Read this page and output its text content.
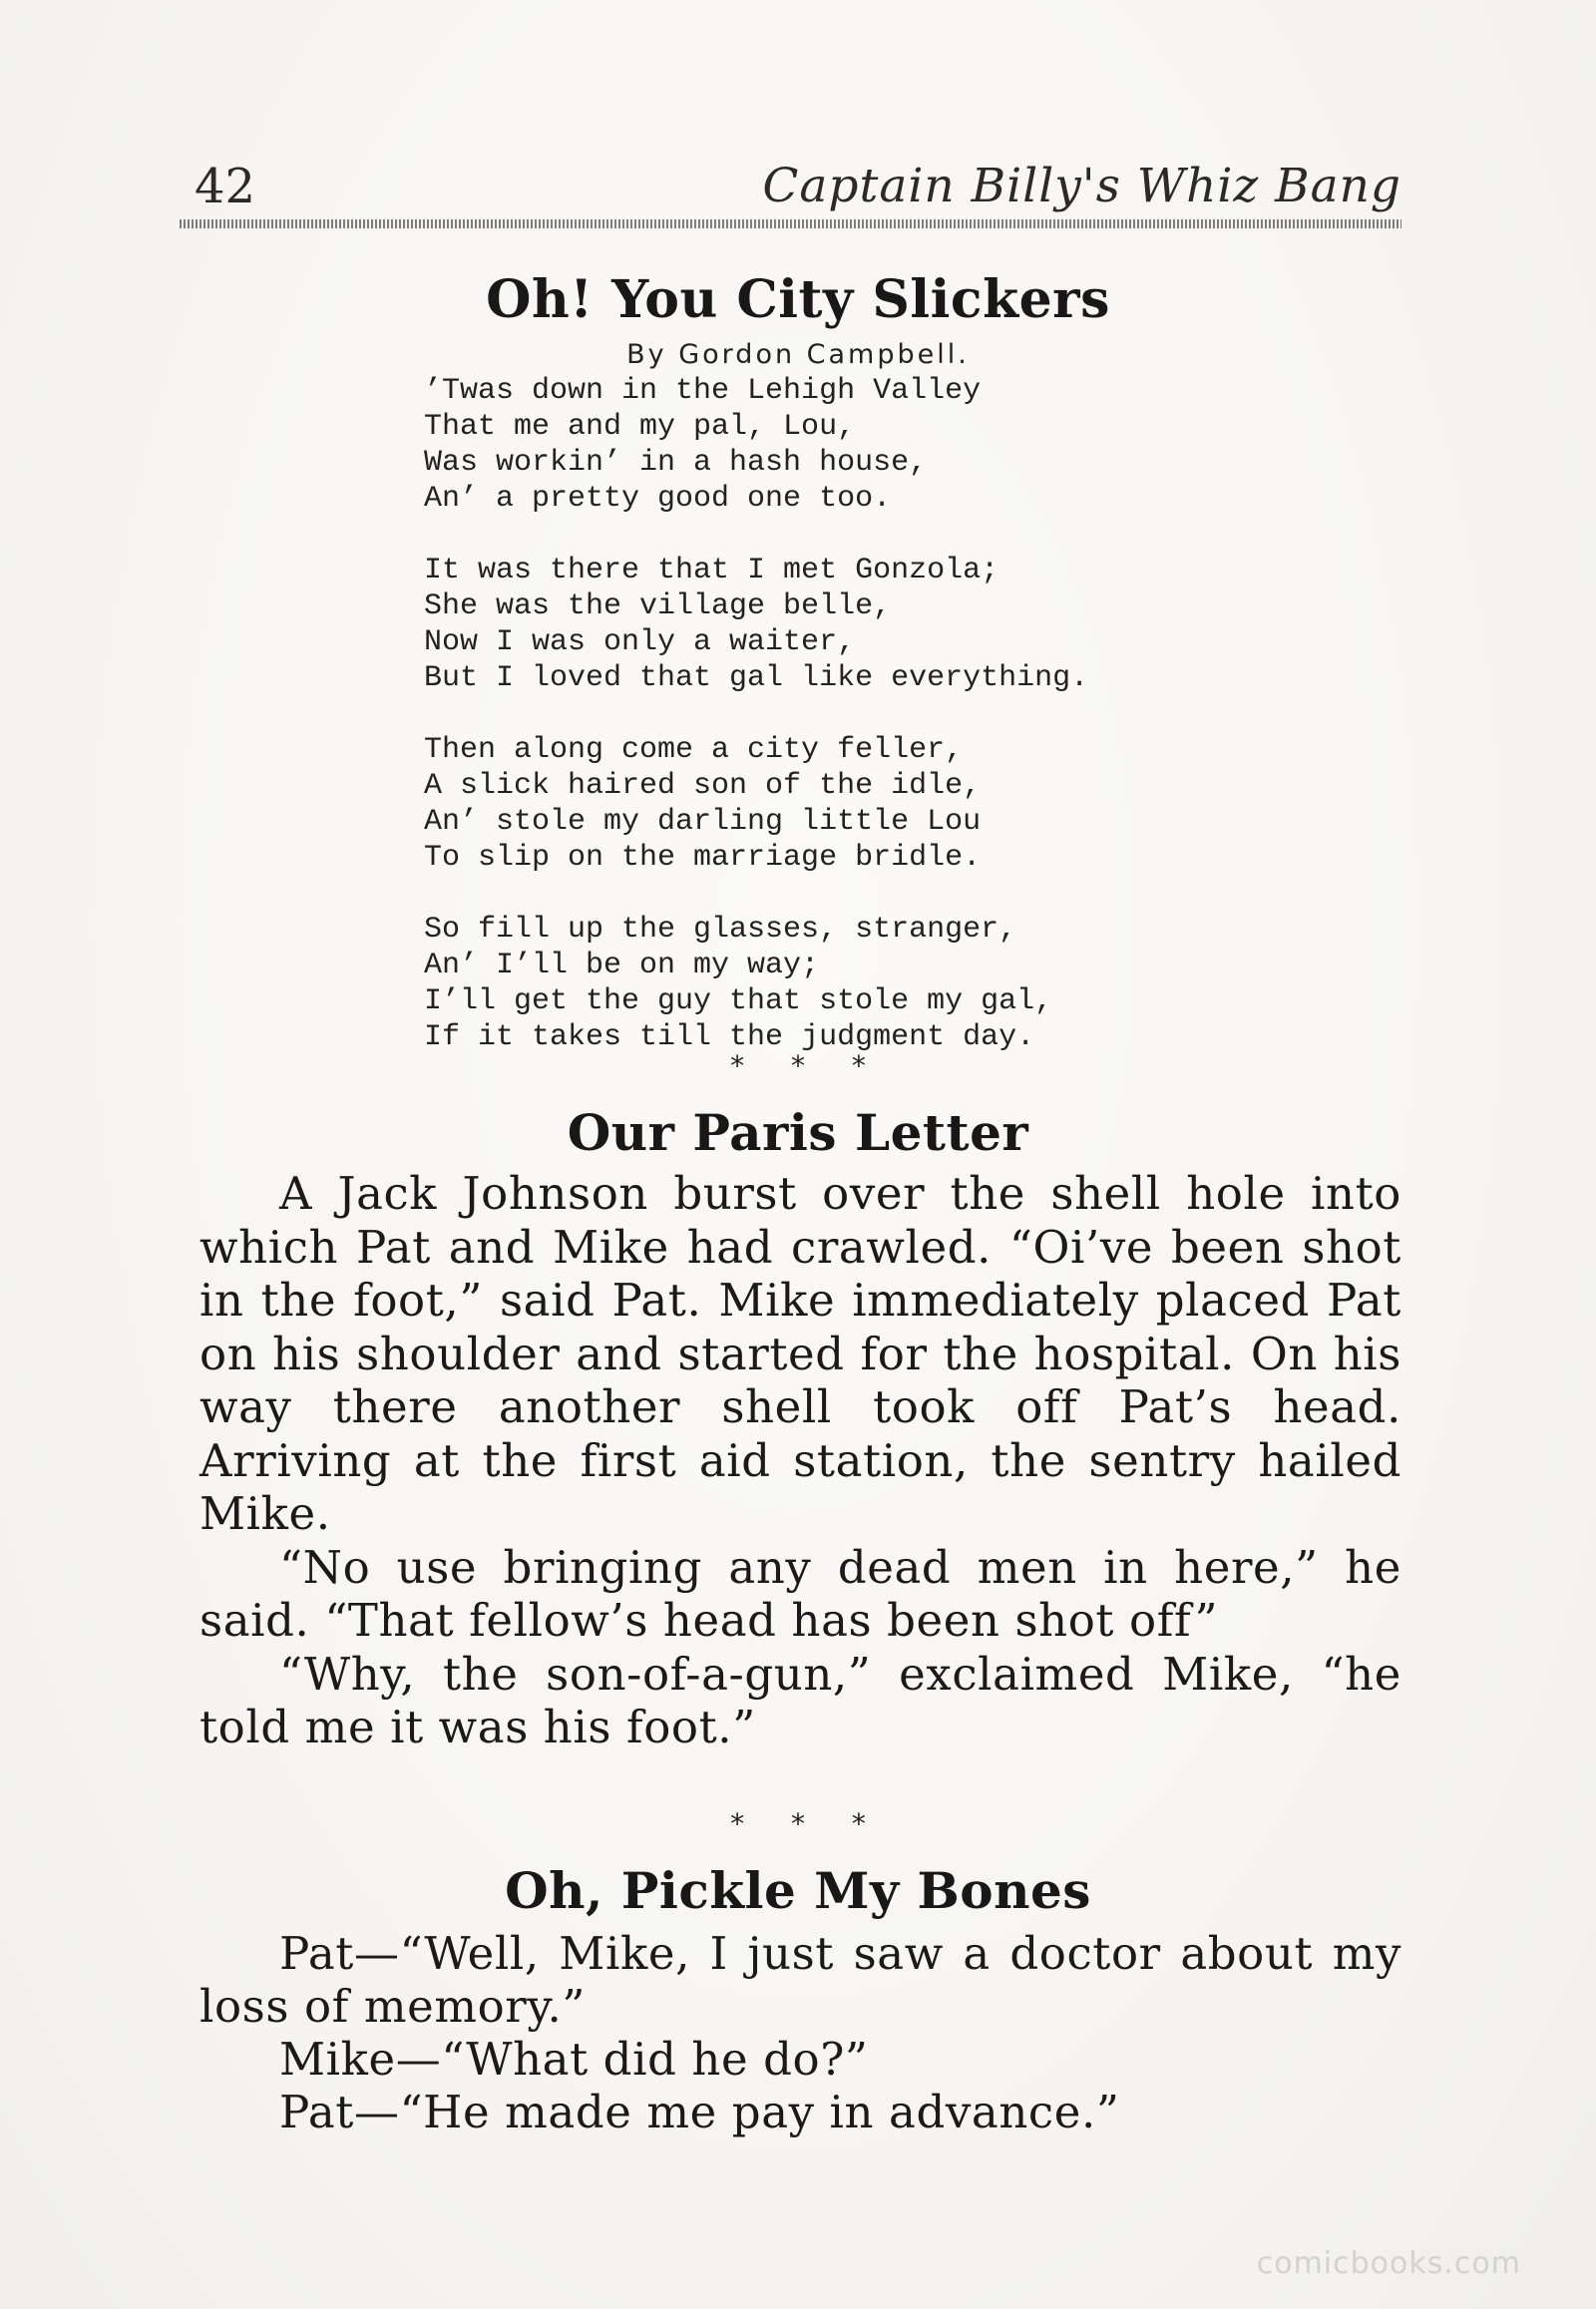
42	Captain Billy's Whiz Bang
Oh! You City Slickers
By Gordon Campbell.
’Twas down in the Lehigh Valley
That me and my pal, Lou,
Was workin’ in a hash house,
An’ a pretty good one too.
It was there that I met Gonzola;
She was the village belle,
Now I was only a waiter,
But I loved that gal like everything.
Then along come a city feller,
A slick haired son of the idle,
An’ stole my darling little Lou
To slip on the marriage bridle.
So fill up the glasses, stranger,
An’ I’ll be on my way;
I’ll get the guy that stole my gal,
If it takes till the judgment day.
* * *
Our Paris Letter

A Jack Johnson burst over the shell hole into which Pat and Mike had crawled. “Oi’ve been shot in the foot,” said Pat. Mike immediately placed Pat on his shoulder and started for the hospital. On his way there another shell took off Pat’s head. Arriving at the first aid station, the sentry hailed Mike.

“No use bringing any dead men in here,” he said. “That fellow’s head has been shot off”

“Why, the son-of-a-gun,” exclaimed Mike, “he told me it was his foot.”

* * *
Oh, Pickle My Bones

Pat—“Well, Mike, I just saw a doctor about my loss of memory.”

Mike—“What did he do?”

Pat—“He made me pay in advance.”

comicbooks.com
